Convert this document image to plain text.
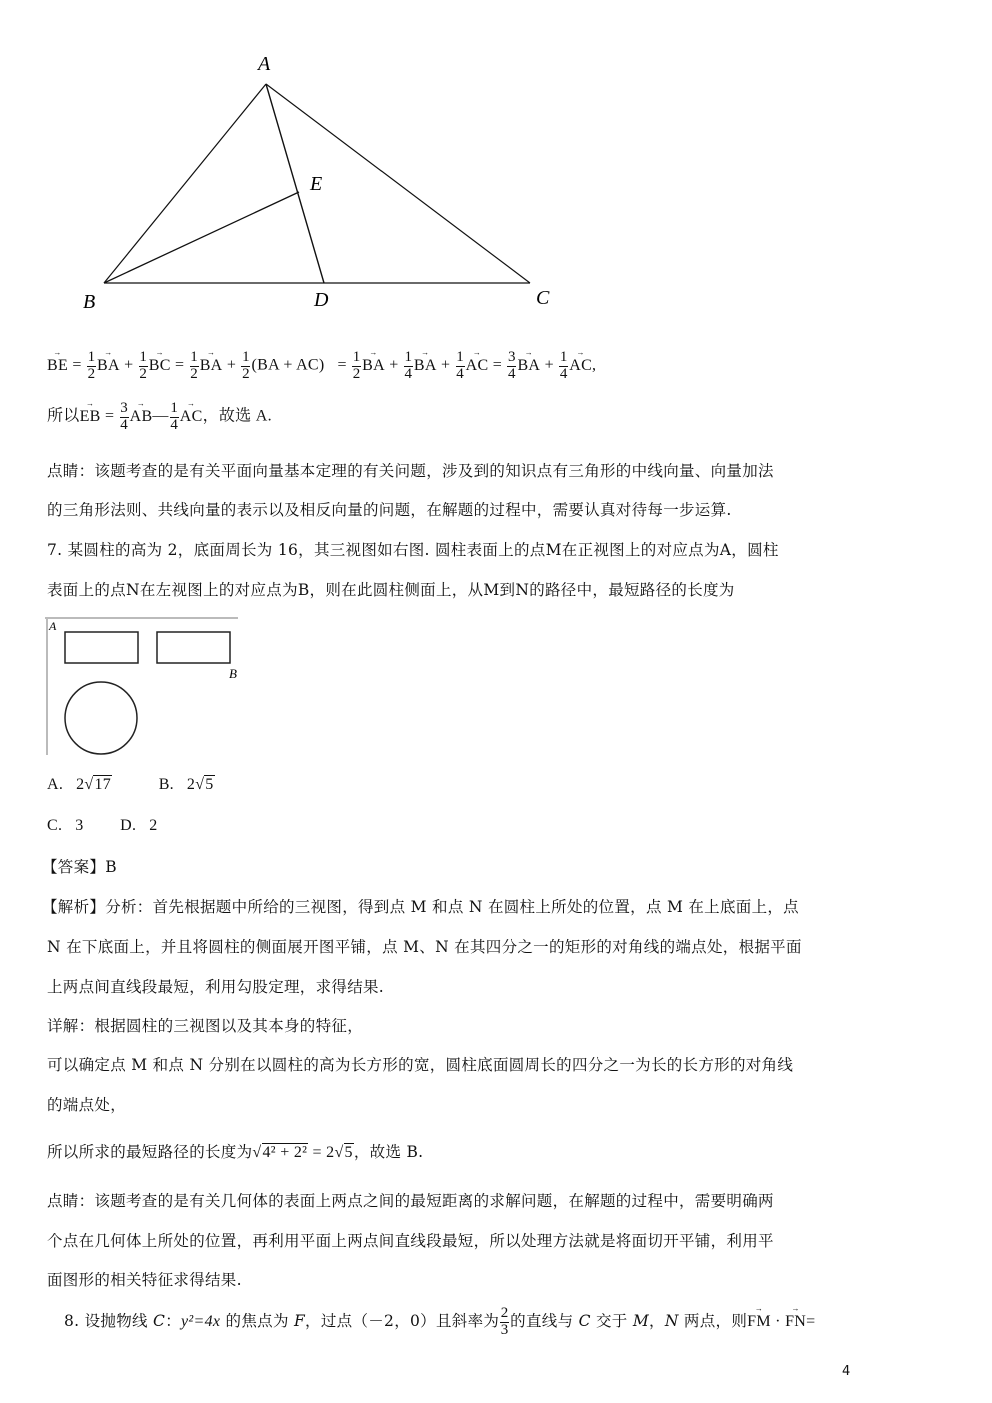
A
E
B	D	C
→ BE = $\frac{1}{2}$ → BA + $\frac{1}{2}$ → BC = $\frac{1}{2}$ → BA + $\frac{1}{2} (BA + AC) = \frac{1}{2}$ → BA + $\frac{1}{4}$ → BA + $\frac{1}{4}$ → AC = $\frac{3}{4}$ → BA + $\frac{1}{4}$ → AC,
所以→ EB = $\frac{3}{4}$ → AB— $\frac{1}{4}$ → AC，故选 A.
点睛：该题考查的是有关平面向量基本定理的有关问题，涉及到的知识点有三角形的中线向量、向量加法
的三角形法则、共线向量的表示以及相反向量的问题，在解题的过程中，需要认真对待每一步运算.
7. 某圆柱的高为 2，底面周长为 16，其三视图如右图. 圆柱表面上的点M在正视图上的对应点为A，圆柱
表面上的点N在左视图上的对应点为B，则在此圆柱侧面上，从M到N的路径中，最短路径的长度为
A
B
A. 2√17	B. 2√5
C. 3 D. 2
【答案】B
【解析】分析：首先根据题中所给的三视图，得到点 M 和点 N 在圆柱上所处的位置，点 M 在上底面上，点
N 在下底面上，并且将圆柱的侧面展开图平铺，点 M、N 在其四分之一的矩形的对角线的端点处，根据平面
上两点间直线段最短，利用勾股定理，求得结果.
详解：根据圆柱的三视图以及其本身的特征，
可以确定点 M 和点 N 分别在以圆柱的高为长方形的宽，圆柱底面圆周长的四分之一为长的长方形的对角线
的端点处，
所以所求的最短路径的长度为√4² + 2² = 2√5，故选 B.
点睛：该题考查的是有关几何体的表面上两点之间的最短距离的求解问题，在解题的过程中，需要明确两
个点在几何体上所处的位置，再利用平面上两点间直线段最短，所以处理方法就是将面切开平铺，利用平
面图形的相关特征求得结果.
8. 设抛物线 C：y²=4x 的焦点为 F，过点（－2，0）且斜率为 $\frac{2}{3}$ 的直线与 C 交于 M，N 两点，则→ FM · → FN=
4
